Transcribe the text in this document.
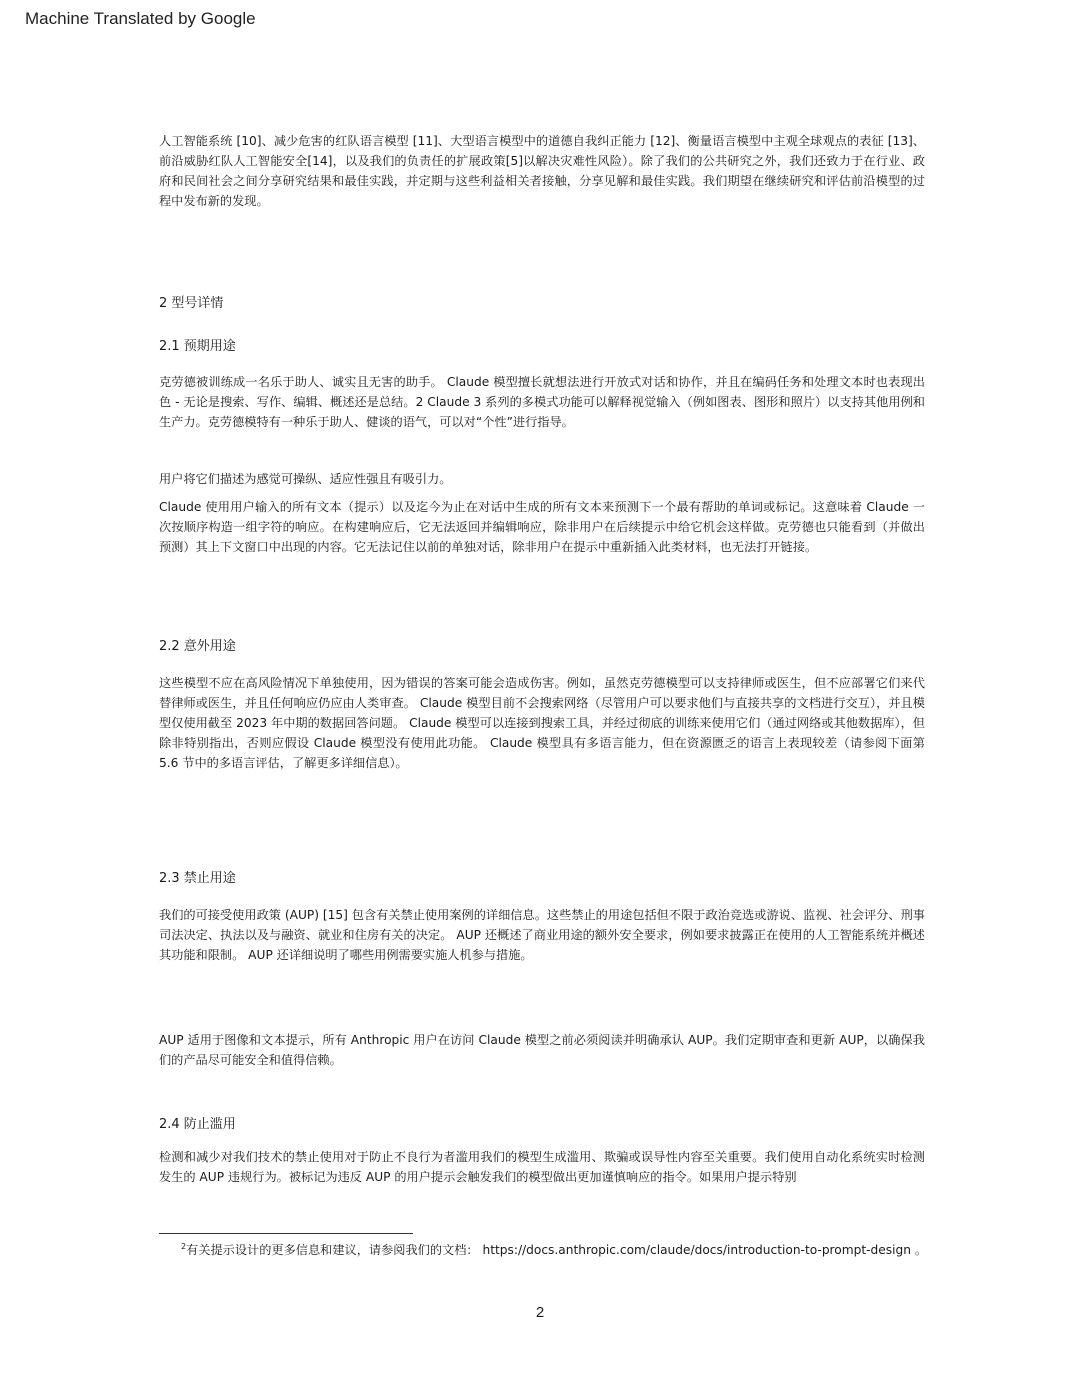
Machine Translated by Google

人工智能系统 [10]、减少危害的红队语言模型 [11]、大型语言模型中的道德自我纠正能力 [12]、衡量语言模型中主观全球观点的表征 [13]、前沿威胁红队人工智能安全[14]，以及我们的负责任的扩展政策[5]以解决灾难性风险）。除了我们的公共研究之外，我们还致力于在行业、政府和民间社会之间分享研究结果和最佳实践，并定期与这些利益相关者接触，分享见解和最佳实践。我们期望在继续研究和评估前沿模型的过程中发布新的发现。

2 型号详情
2.1 预期用途

克劳德被训练成一名乐于助人、诚实且无害的助手。 Claude 模型擅长就想法进行开放式对话和协作，并且在编码任务和处理文本时也表现出色 - 无论是搜索、写作、编辑、概述还是总结。2 Claude 3 系列的多模式功能可以解释视觉输入（例如图表、图形和照片）以支持其他用例和生产力。克劳德模特有一种乐于助人、健谈的语气，可以对“个性”进行指导。

用户将它们描述为感觉可操纵、适应性强且有吸引力。

Claude 使用用户输入的所有文本（提示）以及迄今为止在对话中生成的所有文本来预测下一个最有帮助的单词或标记。这意味着 Claude 一次按顺序构造一组字符的响应。在构建响应后，它无法返回并编辑响应，除非用户在后续提示中给它机会这样做。克劳德也只能看到（并做出预测）其上下文窗口中出现的内容。它无法记住以前的单独对话，除非用户在提示中重新插入此类材料，也无法打开链接。

2.2 意外用途

这些模型不应在高风险情况下单独使用，因为错误的答案可能会造成伤害。例如，虽然克劳德模型可以支持律师或医生，但不应部署它们来代替律师或医生，并且任何响应仍应由人类审查。 Claude 模型目前不会搜索网络（尽管用户可以要求他们与直接共享的文档进行交互），并且模型仅使用截至 2023 年中期的数据回答问题。 Claude 模型可以连接到搜索工具，并经过彻底的训练来使用它们（通过网络或其他数据库），但除非特别指出，否则应假设 Claude 模型没有使用此功能。 Claude 模型具有多语言能力，但在资源匮乏的语言上表现较差（请参阅下面第 5.6 节中的多语言评估，了解更多详细信息）。

2.3 禁止用途

我们的可接受使用政策 (AUP) [15] 包含有关禁止使用案例的详细信息。这些禁止的用途包括但不限于政治竞选或游说、监视、社会评分、刑事司法决定、执法以及与融资、就业和住房有关的决定。 AUP 还概述了商业用途的额外安全要求，例如要求披露正在使用的人工智能系统并概述其功能和限制。 AUP 还详细说明了哪些用例需要实施人机参与措施。

AUP 适用于图像和文本提示，所有 Anthropic 用户在访问 Claude 模型之前必须阅读并明确承认 AUP。我们定期审查和更新 AUP，以确保我们的产品尽可能安全和值得信赖。

2.4 防止滥用

检测和减少对我们技术的禁止使用对于防止不良行为者滥用我们的模型生成滥用、欺骗或误导性内容至关重要。我们使用自动化系统实时检测发生的 AUP 违规行为。被标记为违反 AUP 的用户提示会触发我们的模型做出更加谨慎响应的指令。如果用户提示特别

$^2$有关提示设计的更多信息和建议，请参阅我们的文档： https://docs.anthropic.com/claude/docs/introduction-to-prompt-design 。
2
